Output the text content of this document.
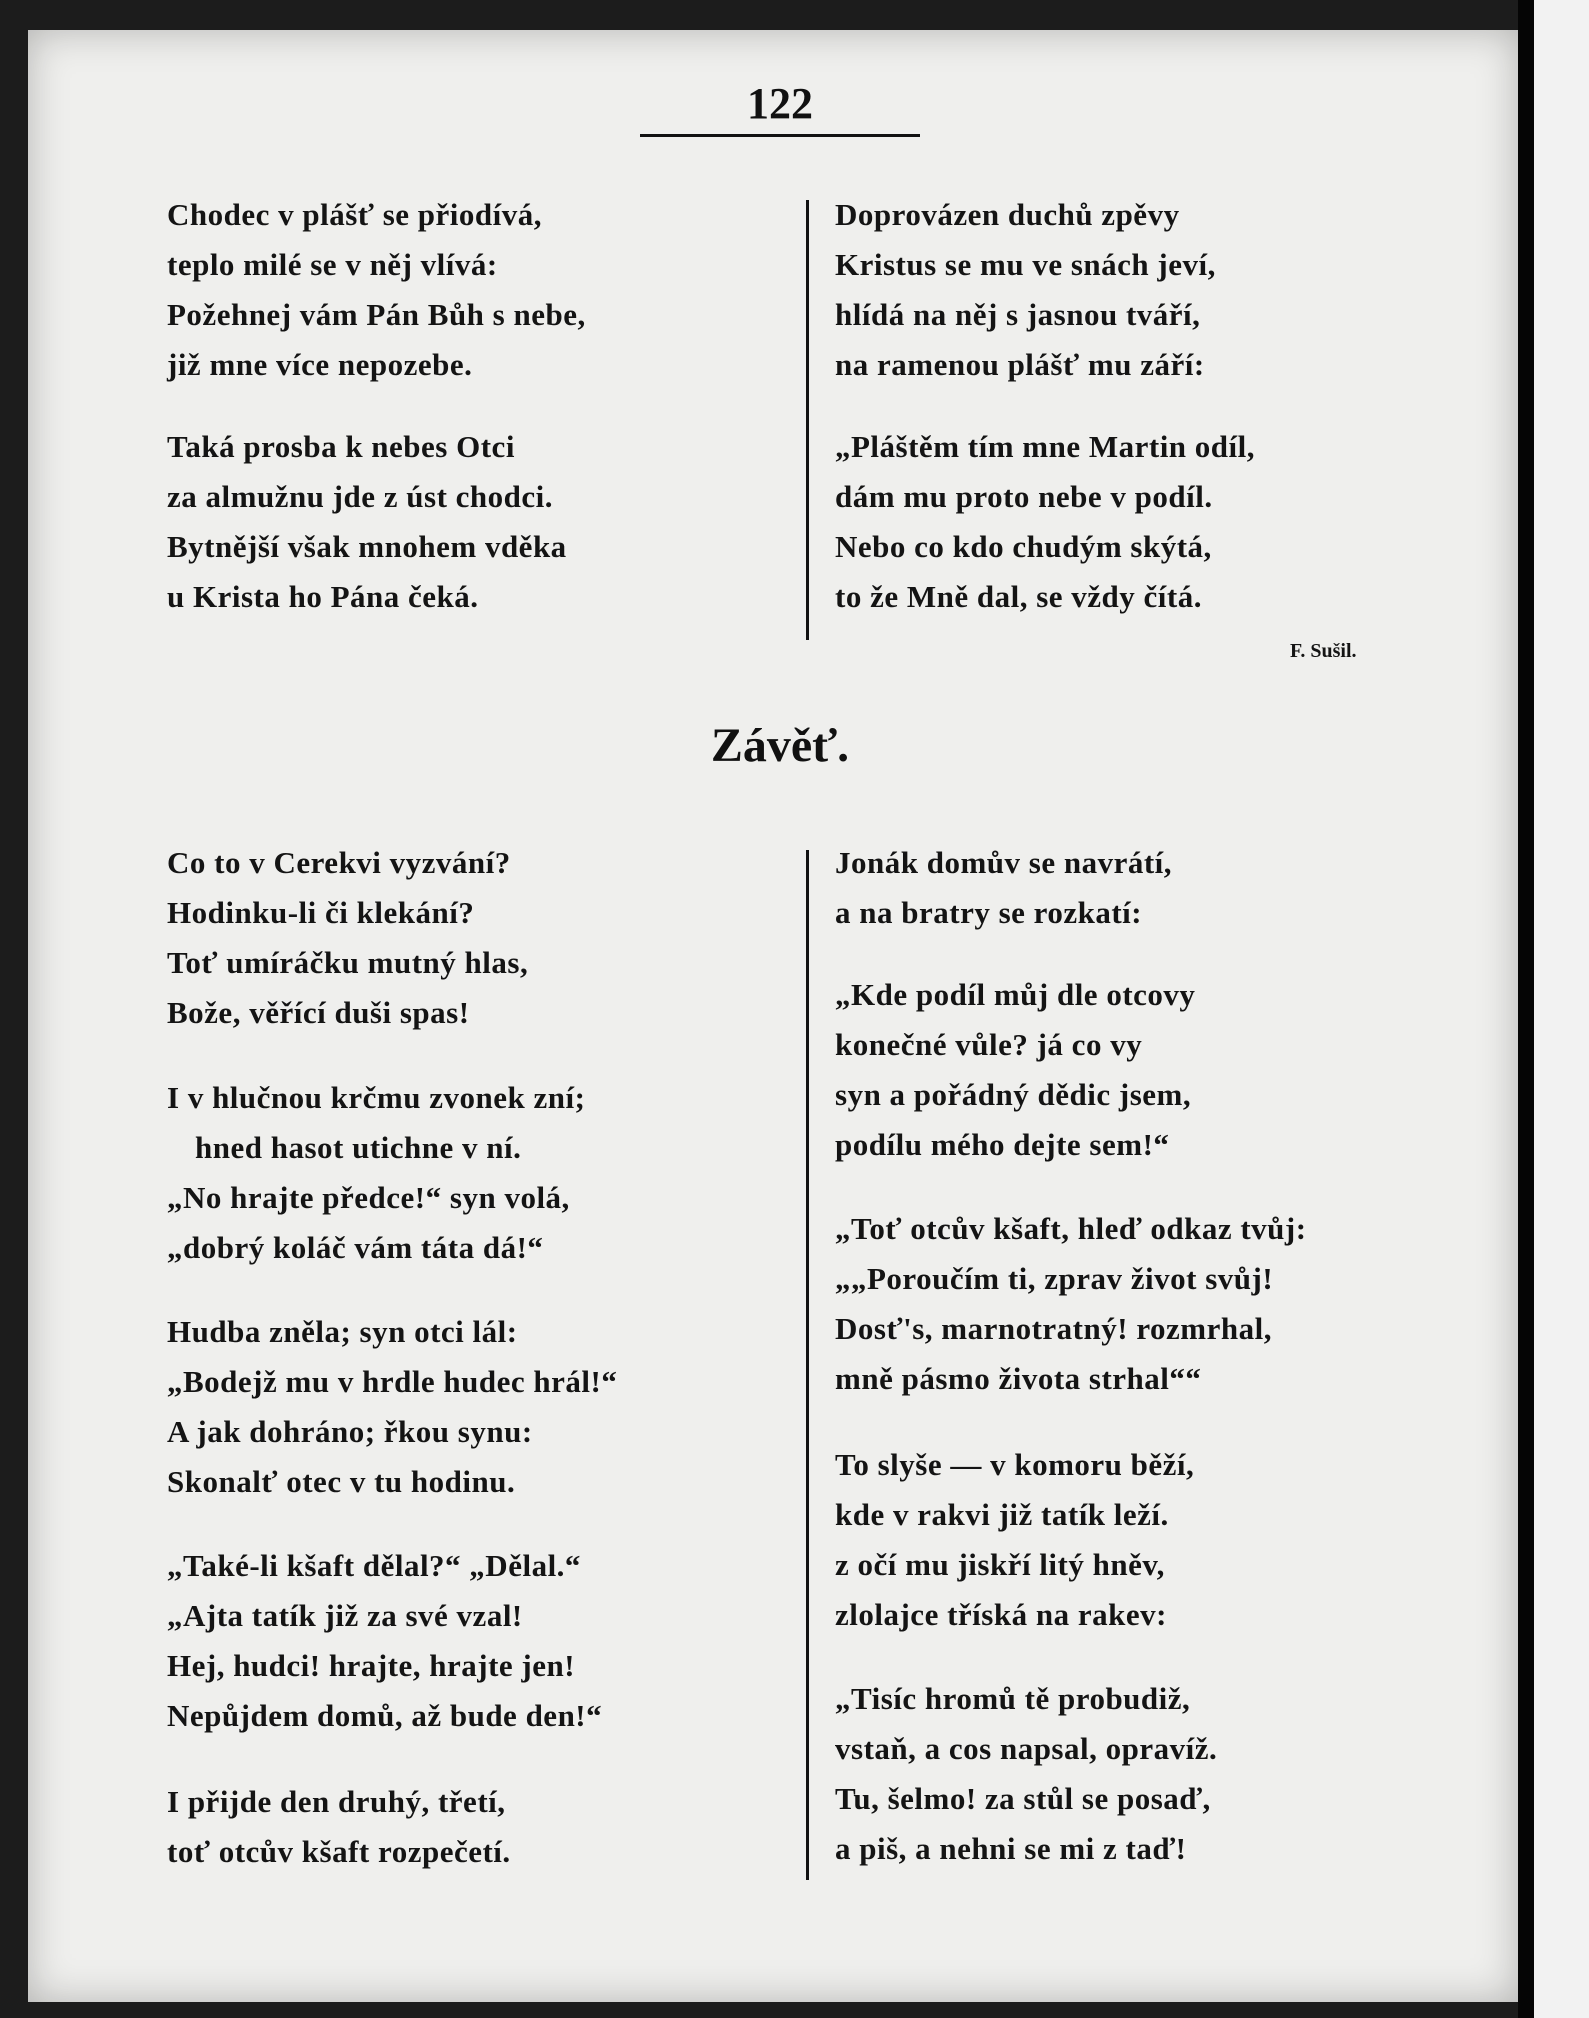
122
Chodec v plášť se přiodívá,
teplo milé se v něj vlívá:
Požehnej vám Pán Bůh s nebe,
již mne více nepozebe.
Taká prosba k nebes Otci
za almužnu jde z úst chodci.
Bytnější však mnohem vděka
u Krista ho Pána čeká.
Doprovázen duchů zpěvy
Kristus se mu ve snách jeví,
hlídá na něj s jasnou tváří,
na ramenou plášť mu září:
„Pláštěm tím mne Martin odíl,
dám mu proto nebe v podíl.
Nebo co kdo chudým skýtá,
to že Mně dal, se vždy čítá.
F. Sušil.
Závěť.
Co to v Cerekvi vyzvání?
Hodinku-li či klekání?
Toť umíráčku mutný hlas,
Bože, věřící duši spas!
I v hlučnou krčmu zvonek zní;
hned hasot utichne v ní.
„No hrajte předce!“ syn volá,
„dobrý koláč vám táta dá!“
Hudba zněla; syn otci lál:
„Bodejž mu v hrdle hudec hrál!“
A jak dohráno; řkou synu:
Skonalť otec v tu hodinu.
„Také-li kšaft dělal?“ „Dělal.“
„Ajta tatík již za své vzal!
Hej, hudci! hrajte, hrajte jen!
Nepůjdem domů, až bude den!“
I přijde den druhý, třetí,
toť otcův kšaft rozpečetí.
Jonák domův se navrátí,
a na bratry se rozkatí:
„Kde podíl můj dle otcovy
konečné vůle? já co vy
syn a pořádný dědic jsem,
podílu mého dejte sem!“
„Toť otcův kšaft, hleď odkaz tvůj:
„„Poroučím ti, zprav život svůj!
Dosť's, marnotratný! rozmrhal,
mně pásmo života strhal““
To slyše — v komoru běží,
kde v rakvi již tatík leží.
z očí mu jiskří litý hněv,
zlolajce tříská na rakev:
„Tisíc hromů tě probudiž,
vstaň, a cos napsal, opravíž.
Tu, šelmo! za stůl se posaď,
a piš, a nehni se mi z taď!
